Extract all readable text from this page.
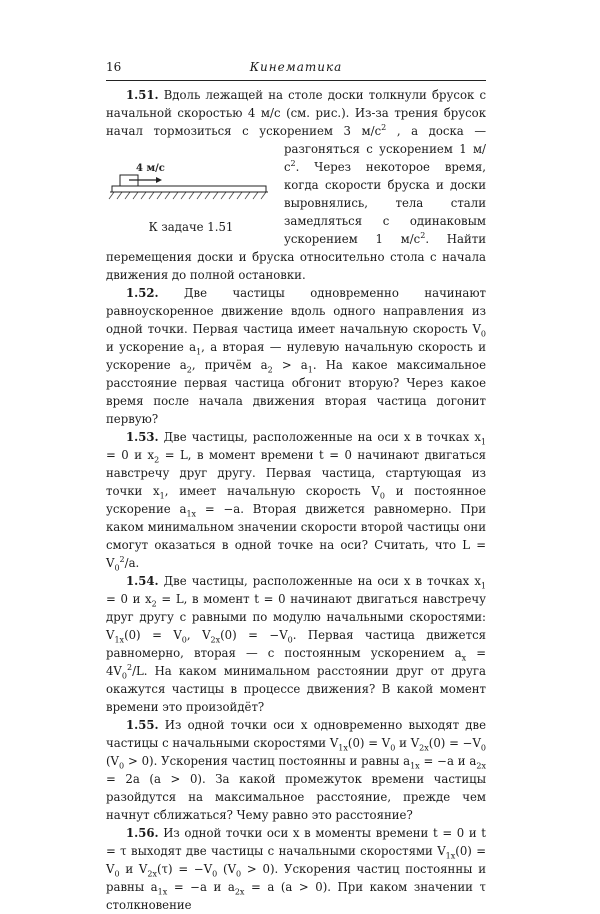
16	Кинематика

1.51. Вдоль лежащей на столе доски толкнули брусок с начальной скоростью 4 м/с (см. рис.). Из-за трения брусок начал тормозиться с ускорением 3 $м/с^2$
4 м/с
К задаче 1.51
, а доска — разгоняться с ускорением 1 $м/с^2$. Через некоторое время, когда скорости бруска и доски выровнялись, тела стали замедляться с одинаковым ускорением 1 $м/с^2$. Найти перемещения доски и бруска относительно стола с начала движения до полной остановки.

1.52. Две частицы одновременно начинают равноускоренное движение вдоль одного направления из одной точки. Первая частица имеет начальную скорость $V_0$ и ускорение $a_1$, а вторая — нулевую начальную скорость и ускорение $a_2$, причём $a_2 > a_1$. На какое максимальное расстояние первая частица обгонит вторую? Через какое время после начала движения вторая частица догонит первую?

1.53. Две частицы, расположенные на оси x в точках $x_1 = 0$ и $x_2 = L$, в момент времени t = 0 начинают двигаться навстречу друг другу. Первая частица, стартующая из точки $x_1$, имеет начальную скорость $V_0$ и постоянное ускорение $a_{1x} = -a$. Вторая движется равномерно. При каком минимальном значении скорости второй частицы они смогут оказаться в одной точке на оси? Считать, что $L = V_0^2/a$.

1.54. Две частицы, расположенные на оси x в точках $x_1 = 0$ и $x_2 = L$, в момент t = 0 начинают двигаться навстречу друг другу с равными по модулю начальными скоростями: $V_{1x}(0) = V_0$, $V_{2x}(0) = -V_0$. Первая частица движется равномерно, вторая — с постоянным ускорением $a_x = 4V_0^2/L$. На каком минимальном расстоянии друг от друга окажутся частицы в процессе движения? В какой момент времени это произойдёт?

1.55. Из одной точки оси x одновременно выходят две частицы с начальными скоростями $V_{1x}(0) = V_0$ и $V_{2x}(0) = -V_0$ $(V_0 > 0)$. Ускорения частиц постоянны и равны $a_{1x} = -a$ и $a_{2x} = 2a$ (a > 0). За какой промежуток времени частицы разойдутся на максимальное расстояние, прежде чем начнут сближаться? Чему равно это расстояние?

1.56. Из одной точки оси x в моменты времени t = 0 и t = τ выходят две частицы с начальными скоростями $V_{1x}(0) = V_0$ и $V_{2x}(\tau) = -V_0$ $(V_0 > 0)$. Ускорения частиц постоянны и равны $a_{1x} = -a$ и $a_{2x} = a$ (a > 0). При каком значении τ столкновение
